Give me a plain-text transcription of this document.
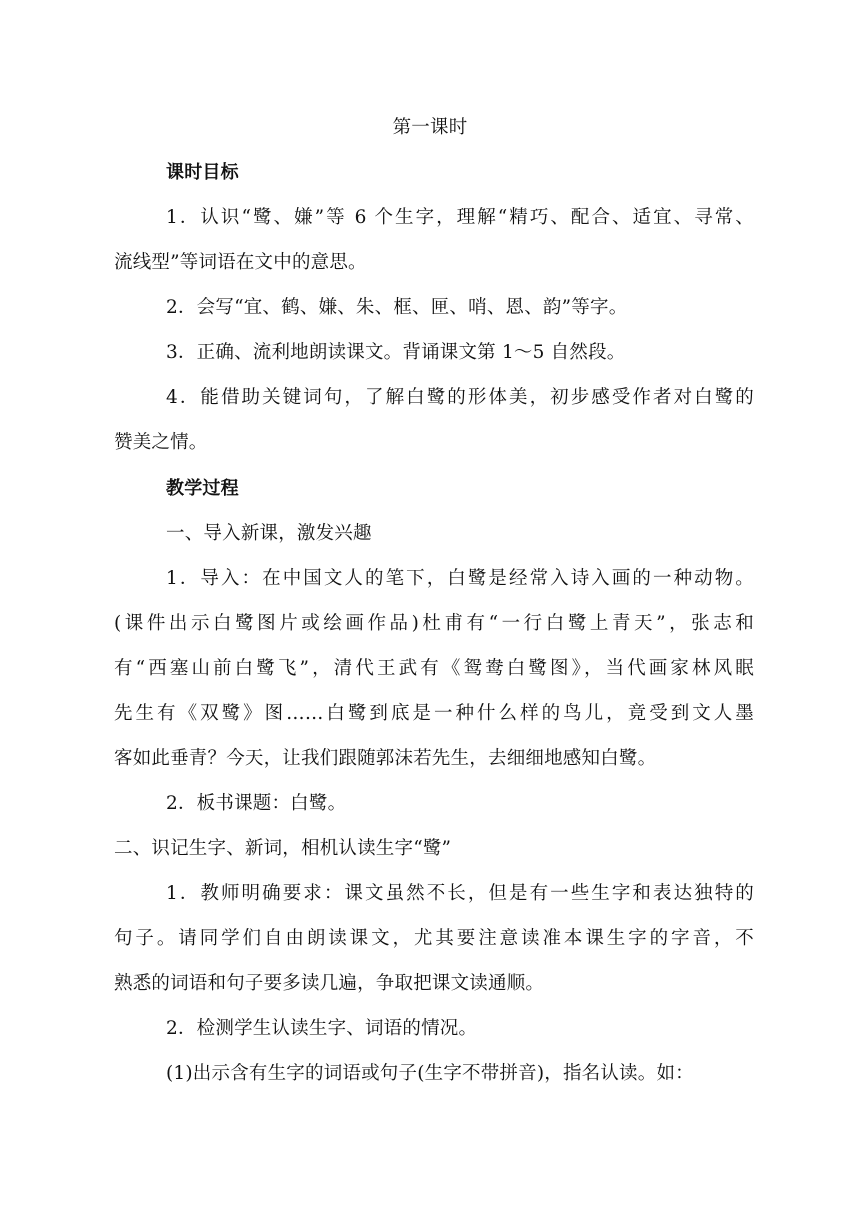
第一课时
课时目标
1．认识“鹭、嫌”等 6 个生字，理解“精巧、配合、适宜、寻常、
流线型”等词语在文中的意思。
2．会写“宜、鹤、嫌、朱、框、匣、哨、恩、韵”等字。
3．正确、流利地朗读课文。背诵课文第 1～5 自然段。
4．能借助关键词句，了解白鹭的形体美，初步感受作者对白鹭的
赞美之情。
教学过程
一、导入新课，激发兴趣
1．导入：在中国文人的笔下，白鹭是经常入诗入画的一种动物。
(课件出示白鹭图片或绘画作品)杜甫有“一行白鹭上青天”，张志和
有“西塞山前白鹭飞”，清代王武有《鸳鸯白鹭图》，当代画家林风眠
先生有《双鹭》图……白鹭到底是一种什么样的鸟儿，竟受到文人墨
客如此垂青？今天，让我们跟随郭沫若先生，去细细地感知白鹭。
2．板书课题：白鹭。
二、识记生字、新词，相机认读生字“鹭”
1．教师明确要求：课文虽然不长，但是有一些生字和表达独特的
句子。请同学们自由朗读课文，尤其要注意读准本课生字的字音，不
熟悉的词语和句子要多读几遍，争取把课文读通顺。
2．检测学生认读生字、词语的情况。
(1)出示含有生字的词语或句子(生字不带拼音)，指名认读。如：
